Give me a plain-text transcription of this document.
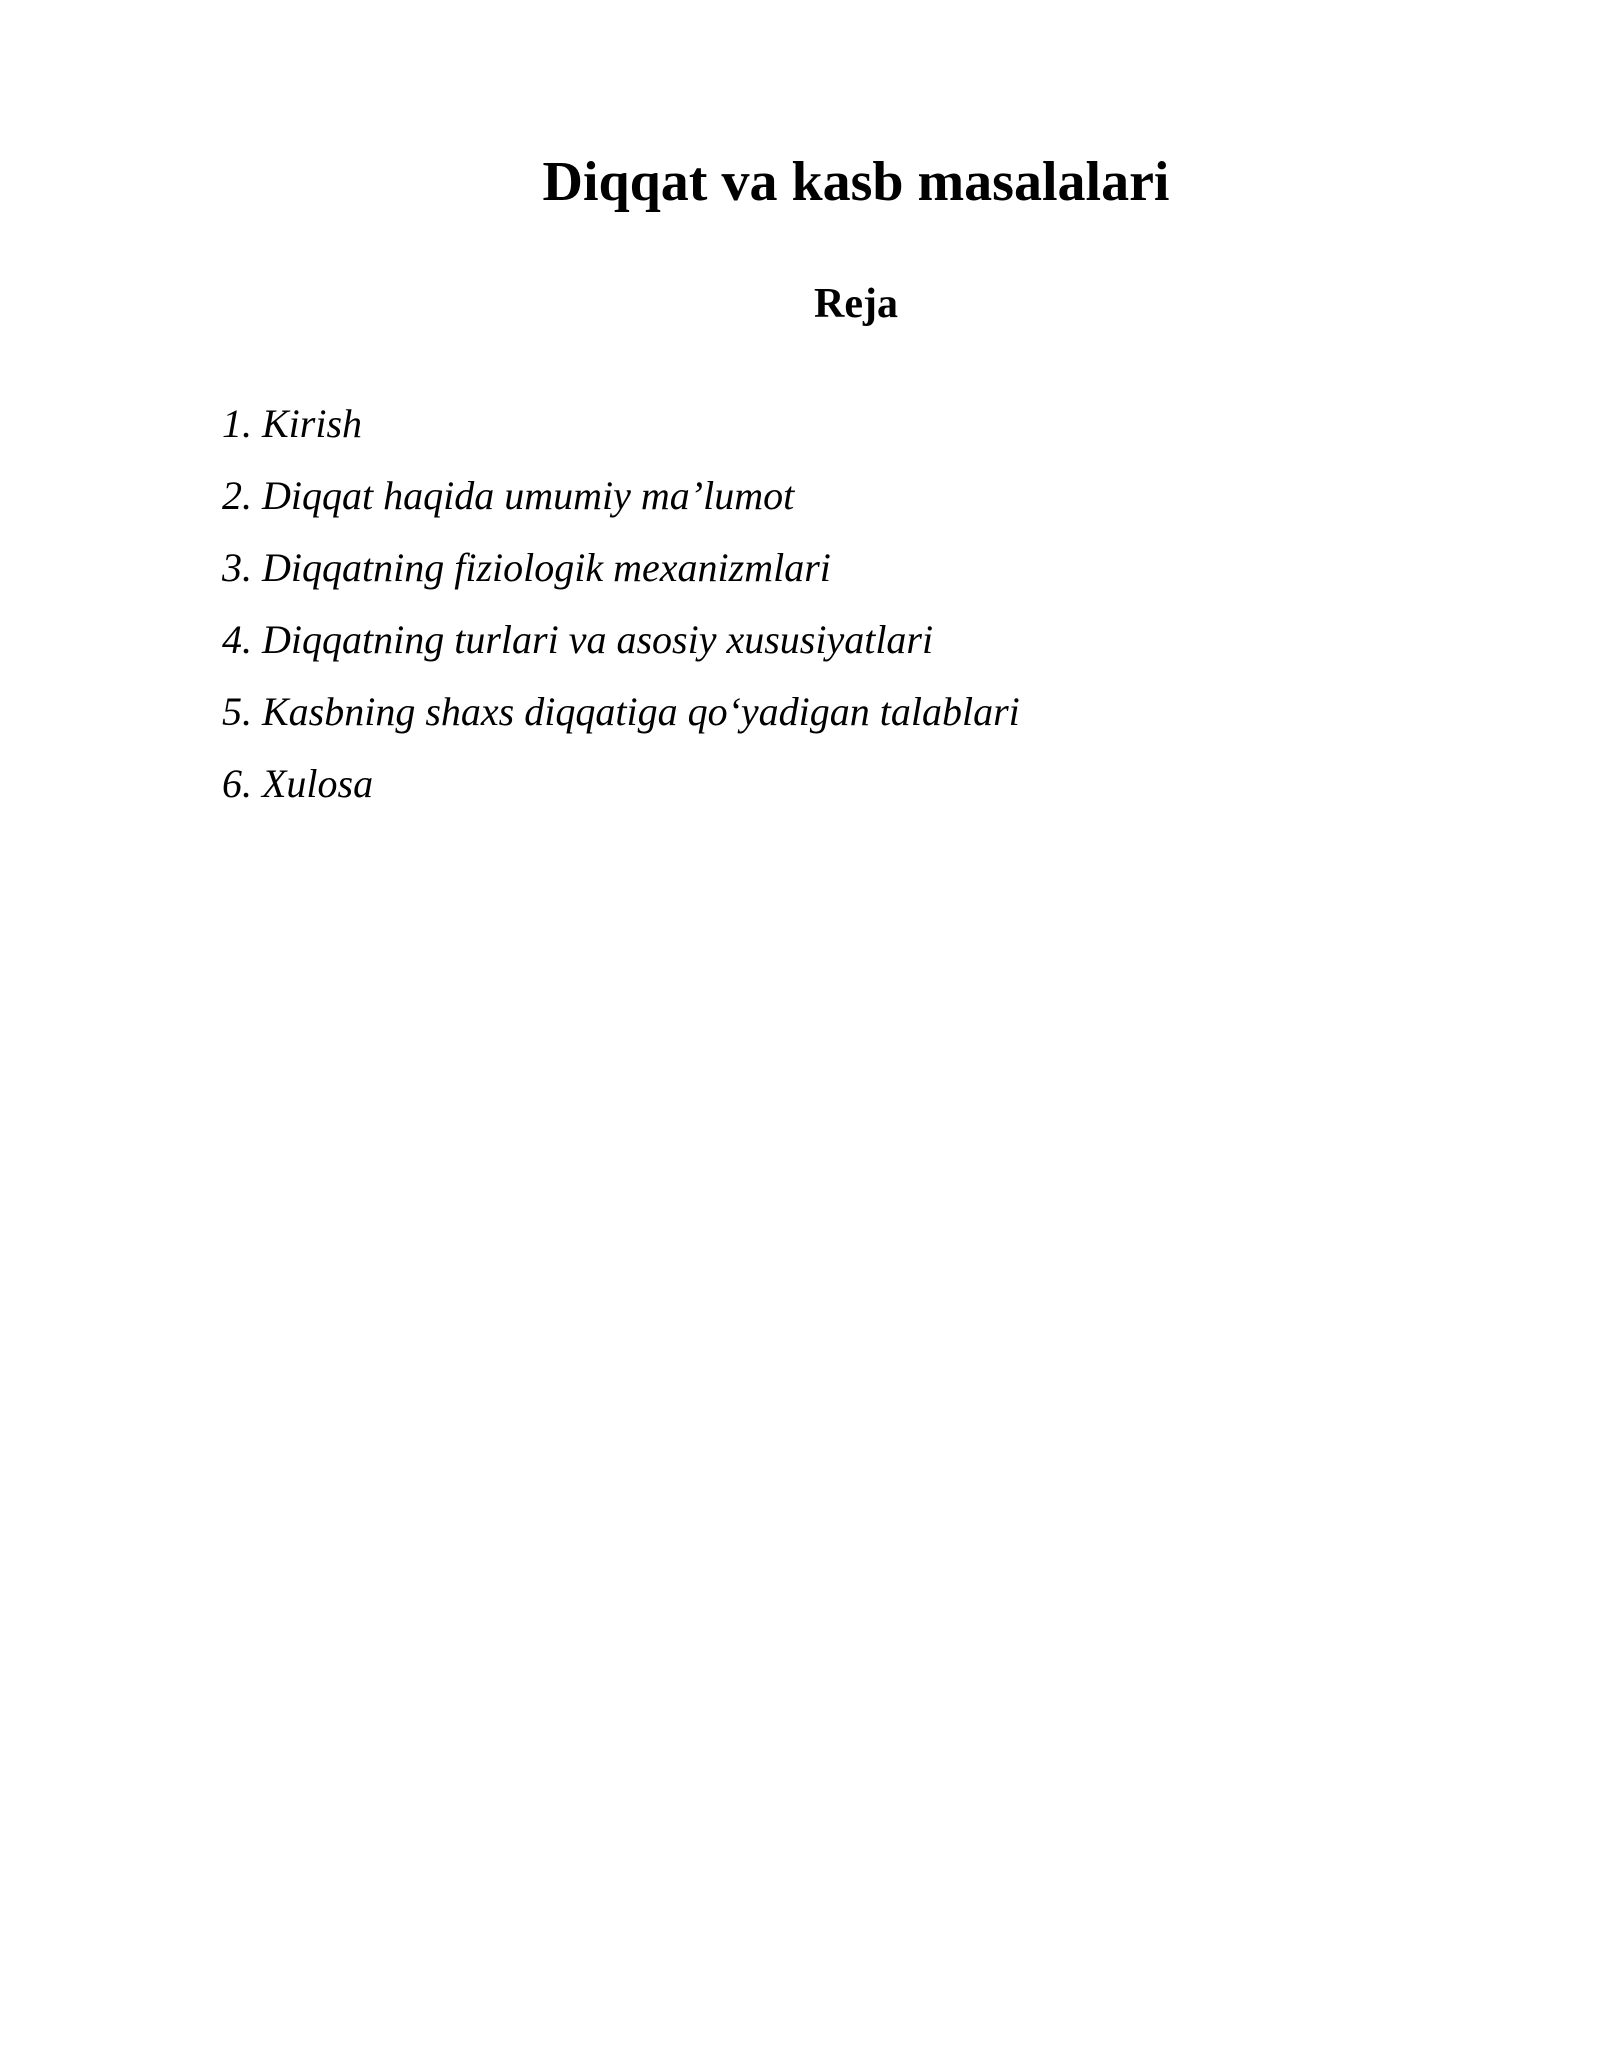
Diqqat va kasb masalalari
Reja
1. Kirish
2. Diqqat haqida umumiy ma’lumot
3. Diqqatning fiziologik mexanizmlari
4. Diqqatning turlari va asosiy xususiyatlari
5. Kasbning shaxs diqqatiga qo‘yadigan talablari
6. Xulosa
